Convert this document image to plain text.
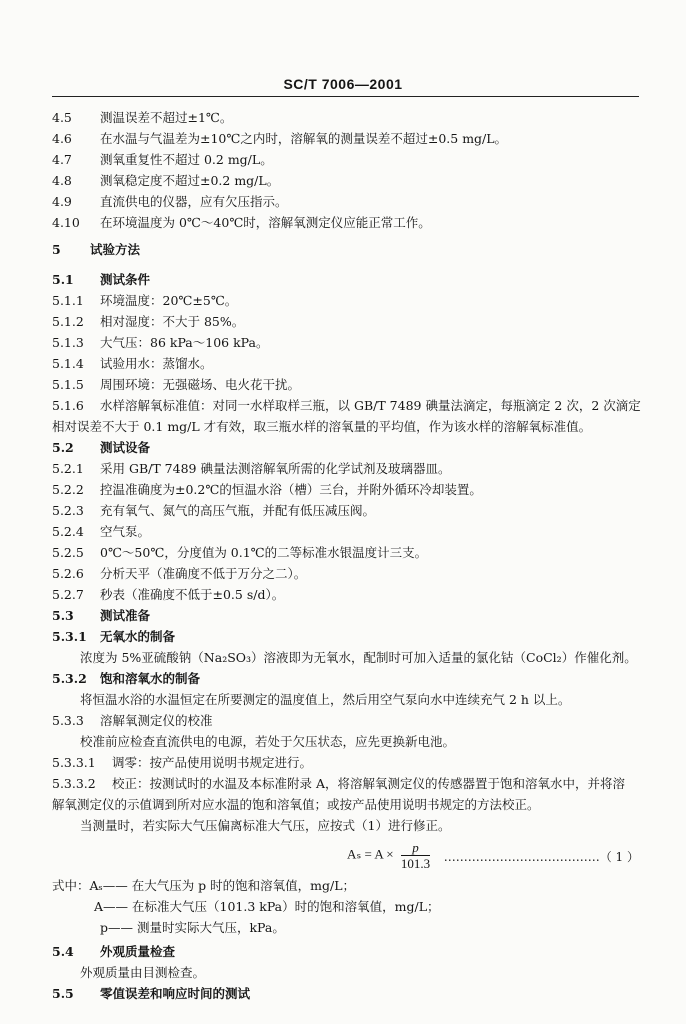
SC/T 7006—2001
4.5 测温误差不超过±1℃。
4.6 在水温与气温差为±10℃之内时，溶解氧的测量误差不超过±0.5 mg/L。
4.7 测氧重复性不超过 0.2 mg/L。
4.8 测氧稳定度不超过±0.2 mg/L。
4.9 直流供电的仪器，应有欠压指示。
4.10 在环境温度为 0℃～40℃时，溶解氧测定仪应能正常工作。
5 试验方法
5.1 测试条件
5.1.1 环境温度：20℃±5℃。
5.1.2 相对湿度：不大于 85%。
5.1.3 大气压：86 kPa～106 kPa。
5.1.4 试验用水：蒸馏水。
5.1.5 周围环境：无强磁场、电火花干扰。
5.1.6 水样溶解氧标准值：对同一水样取样三瓶，以 GB/T 7489 碘量法滴定，每瓶滴定 2 次，2 次滴定
相对误差不大于 0.1 mg/L 才有效，取三瓶水样的溶氧量的平均值，作为该水样的溶解氧标准值。
5.2 测试设备
5.2.1 采用 GB/T 7489 碘量法测溶解氧所需的化学试剂及玻璃器皿。
5.2.2 控温准确度为±0.2℃的恒温水浴（槽）三台，并附外循环冷却装置。
5.2.3 充有氧气、氮气的高压气瓶，并配有低压减压阀。
5.2.4 空气泵。
5.2.5 0℃～50℃，分度值为 0.1℃的二等标准水银温度计三支。
5.2.6 分析天平（准确度不低于万分之二）。
5.2.7 秒表（准确度不低于±0.5 s/d）。
5.3 测试准备
5.3.1 无氧水的制备
浓度为 5%亚硫酸钠（Na₂SO₃）溶液即为无氧水，配制时可加入适量的氯化钴（CoCl₂）作催化剂。
5.3.2 饱和溶氧水的制备
将恒温水浴的水温恒定在所要测定的温度值上，然后用空气泵向水中连续充气 2 h 以上。
5.3.3 溶解氧测定仪的校准
校准前应检查直流供电的电源，若处于欠压状态，应先更换新电池。
5.3.3.1 调零：按产品使用说明书规定进行。
5.3.3.2 校正：按测试时的水温及本标准附录 A，将溶解氧测定仪的传感器置于饱和溶氧水中，并将溶
解氧测定仪的示值调到所对应水温的饱和溶氧值；或按产品使用说明书规定的方法校正。
当测量时，若实际大气压偏离标准大气压，应按式（1）进行修正。
$A_s = A \times \frac{p}{101.3}$ …………………………………（ 1 ）
式中：Aₛ—— 在大气压为 p 时的饱和溶氧值，mg/L；
A—— 在标准大气压（101.3 kPa）时的饱和溶氧值，mg/L；
p—— 测量时实际大气压，kPa。
5.4 外观质量检查
外观质量由目测检查。
5.5 零值误差和响应时间的测试
